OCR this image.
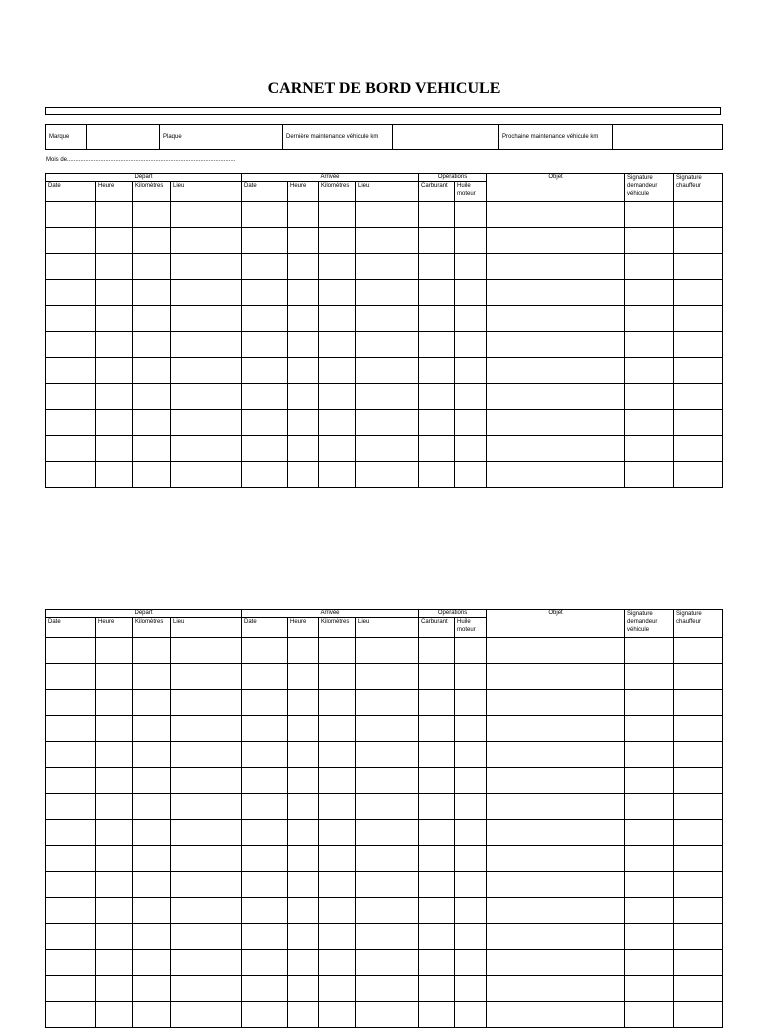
CARNET DE BORD VEHICULE
Marque		Plaque	Dernière maintenance véhicule km		Prochaine maintenance véhicule km	
Mois de.....................................................................................................
Départ				Arrivée				Opérations		Objet	Signature demandeur véhicule	Signature chauffeur
Date	Heure	Kilomètres	Lieu	Date	Heure	Kilomètres	Lieu	Carburant	Huile moteur			

Départ				Arrivée				Opérations		Objet	Signature demandeur véhicule	Signature chauffeur
Date	Heure	Kilomètres	Lieu	Date	Heure	Kilomètres	Lieu	Carburant	Huile moteur			
